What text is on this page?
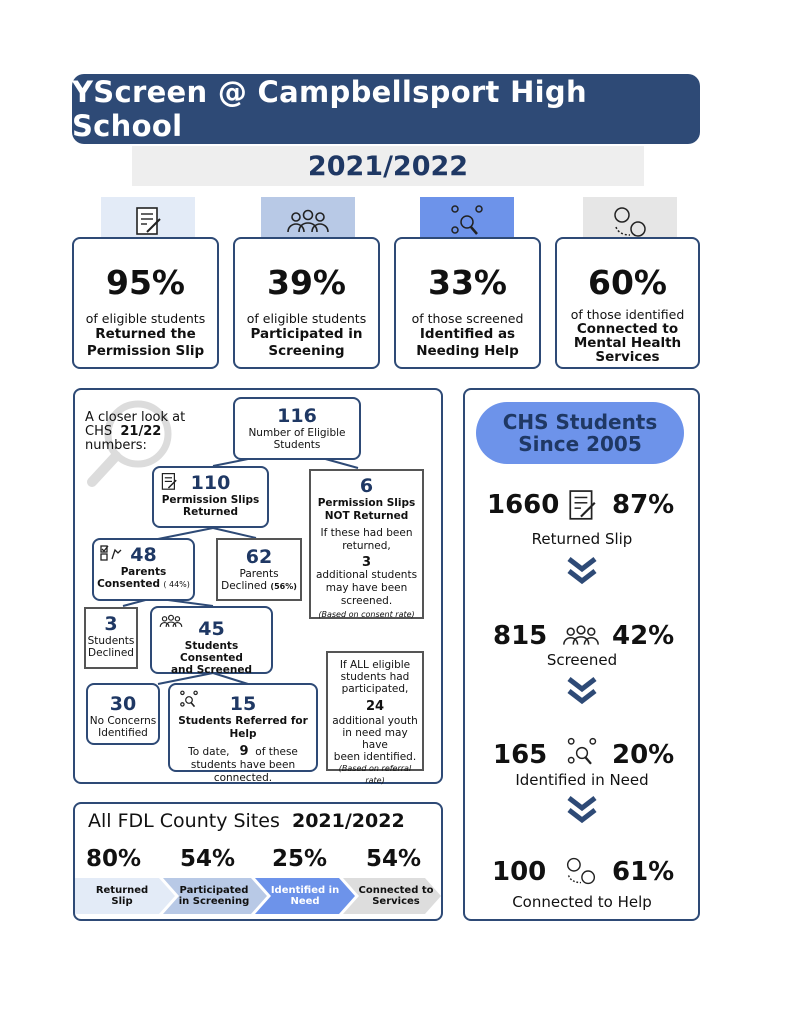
YScreen @ Campbellsport High School
2021/2022
95%
of eligible students
Returned the
Permission Slip
39%
of eligible students
Participated in
Screening
33%
of those screened
Identified as
Needing Help
60%
of those identified
Connected to
Mental Health
Services
A closer look at
CHS 21/22
numbers:
116
Number of Eligible
Students
110
Permission Slips
Returned
6
Permission Slips
NOT Returned
If these had been
returned,
3
additional students
may have been
screened.
(Based on consent rate)
48
Parents
Consented ( 44%)
62
Parents
Declined (56%)
3
Students
Declined
45
Students Consented
and Screened	If ALL eligible
students had
participated,
24
additional youth
in need may have
been identified.
(Based on referral rate)
30
No Concerns
Identified
15
Students Referred for Help
To date, 9 of these
students have been
connected.
CHS Students
Since 2005
1660 87%
Returned Slip
815 42%
Screened
165 20%
Identified in Need
100	61%
Connected to Help
All FDL County Sites 2021/2022
80% 54% 25% 54%
Returned
Slip
Participated
in Screening
Identified in
Need
Connected to
Services
